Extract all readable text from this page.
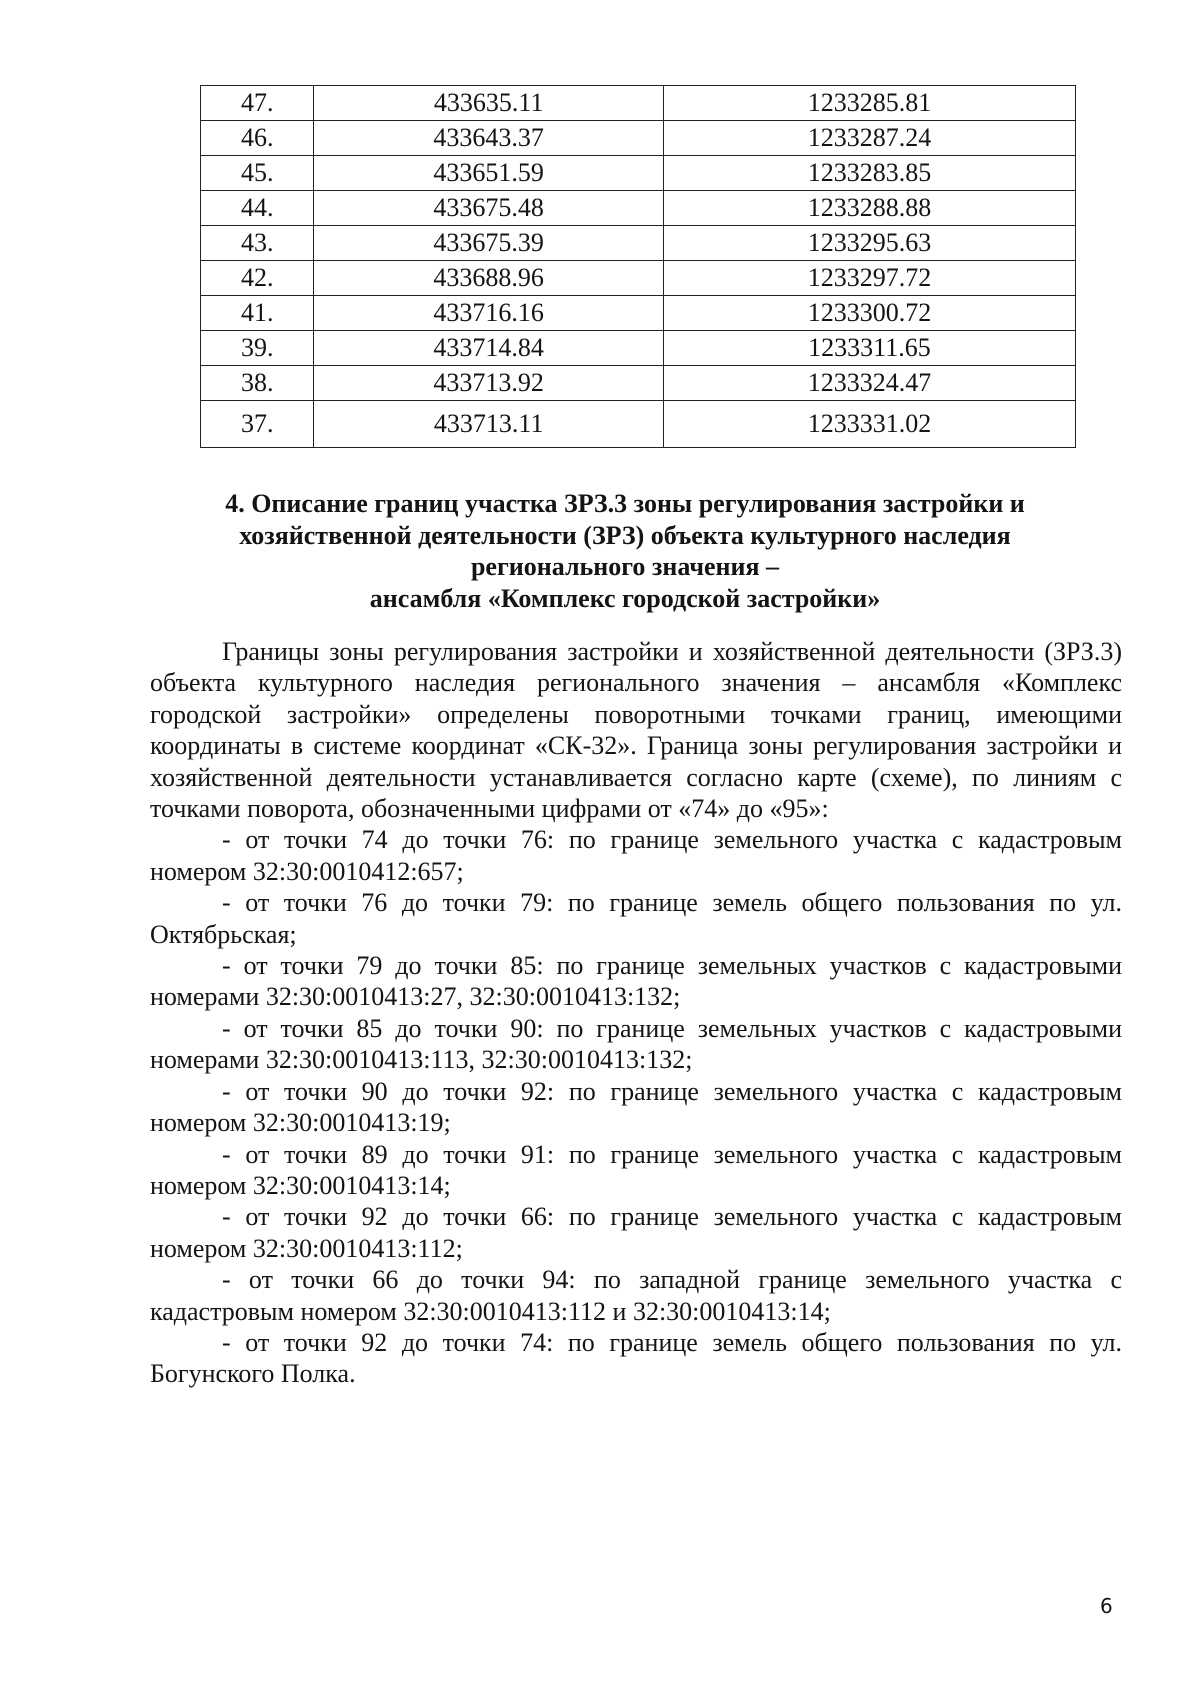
47.	433635.11	1233285.81
46.	433643.37	1233287.24
45.	433651.59	1233283.85
44.	433675.48	1233288.88
43.	433675.39	1233295.63
42.	433688.96	1233297.72
41.	433716.16	1233300.72
39.	433714.84	1233311.65
38.	433713.92	1233324.47
37.	433713.11	1233331.02
4. Описание границ участка ЗРЗ.3 зоны регулирования застройки и
хозяйственной деятельности (ЗРЗ) объекта культурного наследия
регионального значения –
ансамбля «Комплекс городской застройки»

Границы зоны регулирования застройки и хозяйственной деятельности (ЗРЗ.3) объекта культурного наследия регионального значения – ансамбля «Комплекс городской застройки» определены поворотными точками границ, имеющими координаты в системе координат «СК-32». Граница зоны регулирования застройки и хозяйственной деятельности устанавливается согласно карте (схеме), по линиям с точками поворота, обозначенными цифрами от «74» до «95»:

- от точки 74 до точки 76: по границе земельного участка с кадастровым номером 32:30:0010412:657;

- от точки 76 до точки 79: по границе земель общего пользования по ул. Октябрьская;

- от точки 79 до точки 85: по границе земельных участков с кадастровыми номерами 32:30:0010413:27, 32:30:0010413:132;

- от точки 85 до точки 90: по границе земельных участков с кадастровыми номерами 32:30:0010413:113, 32:30:0010413:132;

- от точки 90 до точки 92: по границе земельного участка с кадастровым номером 32:30:0010413:19;

- от точки 89 до точки 91: по границе земельного участка с кадастровым номером 32:30:0010413:14;

- от точки 92 до точки 66: по границе земельного участка с кадастровым номером 32:30:0010413:112;

- от точки 66 до точки 94: по западной границе земельного участка с кадастровым номером 32:30:0010413:112 и 32:30:0010413:14;

- от точки 92 до точки 74: по границе земель общего пользования по ул. Богунского Полка.

6
